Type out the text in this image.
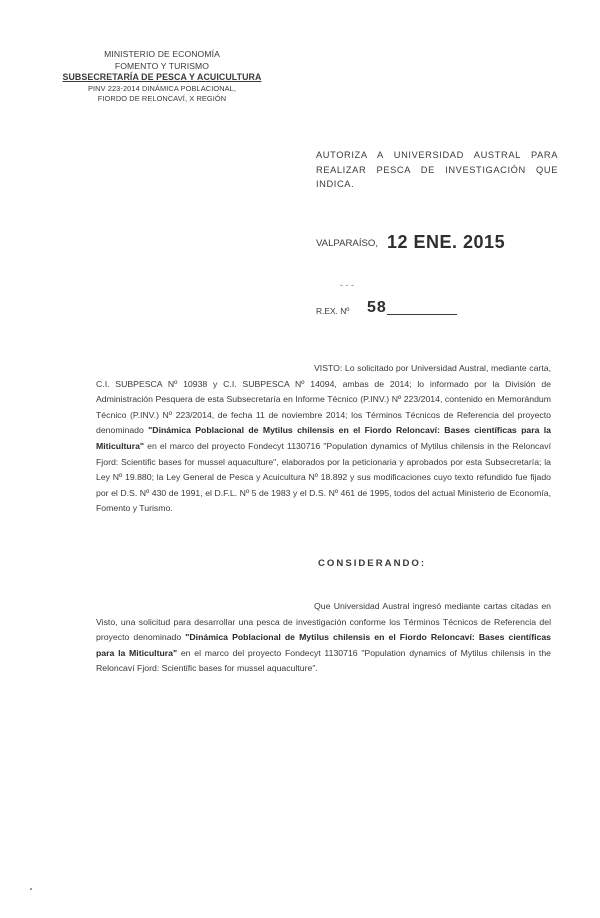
MINISTERIO DE ECONOMÍA
FOMENTO Y TURISMO
SUBSECRETARÍA DE PESCA Y ACUICULTURA
PINV 223-2014 DINÁMICA POBLACIONAL,
FIORDO DE RELONCAVÍ, X REGIÓN
AUTORIZA A UNIVERSIDAD AUSTRAL PARA REALIZAR PESCA DE INVESTIGACIÓN QUE INDICA.
VALPARAÍSO, 12 ENE. 2015
- - -
R.EX. Nº 58
VISTO: Lo solicitado por Universidad Austral, mediante carta, C.I. SUBPESCA Nº 10938 y C.I. SUBPESCA Nº 14094, ambas de 2014; lo informado por la División de Administración Pesquera de esta Subsecretaría en Informe Técnico (P.INV.) Nº 223/2014, contenido en Memorándum Técnico (P.INV.) Nº 223/2014, de fecha 11 de noviembre 2014; los Términos Técnicos de Referencia del proyecto denominado "Dinámica Poblacional de Mytilus chilensis en el Fiordo Reloncaví: Bases científicas para la Miticultura" en el marco del proyecto Fondecyt 1130716 "Population dynamics of Mytilus chilensis in the Reloncaví Fjord: Scientific bases for mussel aquaculture", elaborados por la peticionaria y aprobados por esta Subsecretaría; la Ley Nº 19.880; la Ley General de Pesca y Acuicultura Nº 18.892 y sus modificaciones cuyo texto refundido fue fijado por el D.S. Nº 430 de 1991, el D.F.L. Nº 5 de 1983 y el D.S. Nº 461 de 1995, todos del actual Ministerio de Economía, Fomento y Turismo.
CONSIDERANDO:
Que Universidad Austral ingresó mediante cartas citadas en Visto, una solicitud para desarrollar una pesca de investigación conforme los Términos Técnicos de Referencia del proyecto denominado "Dinámica Poblacional de Mytilus chilensis en el Fiordo Reloncaví: Bases científicas para la Miticultura" en el marco del proyecto Fondecyt 1130716 "Population dynamics of Mytilus chilensis in the Reloncaví Fjord: Scientific bases for mussel aquaculture".
